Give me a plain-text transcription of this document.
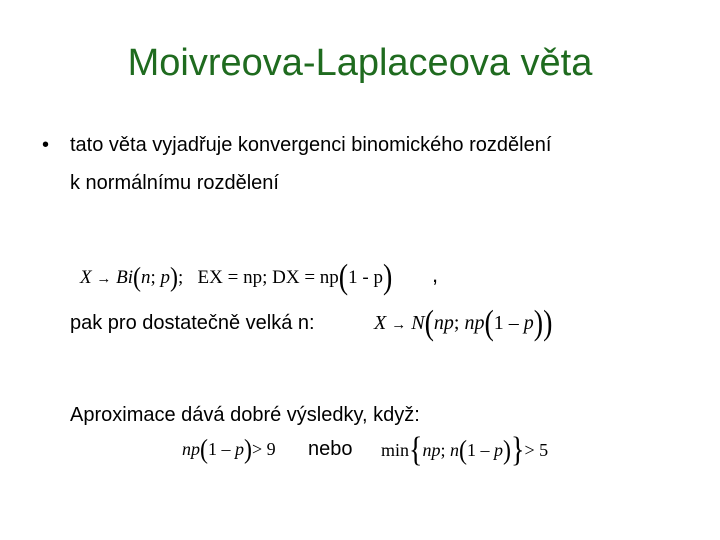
Moivreova-Laplaceova věta
• tato věta vyjadřuje konvergenci binomického rozdělení
k normálnímu rozdělení
X → Bi(n; p);   EX = np; DX = np(1 - p) ,
pak pro dostatečně velká n:	X → N(np; np(1 – p))
Aproximace dává dobré výsledky, když:
np(1 – p)> 9 nebo min{np; n(1 – p)}> 5
